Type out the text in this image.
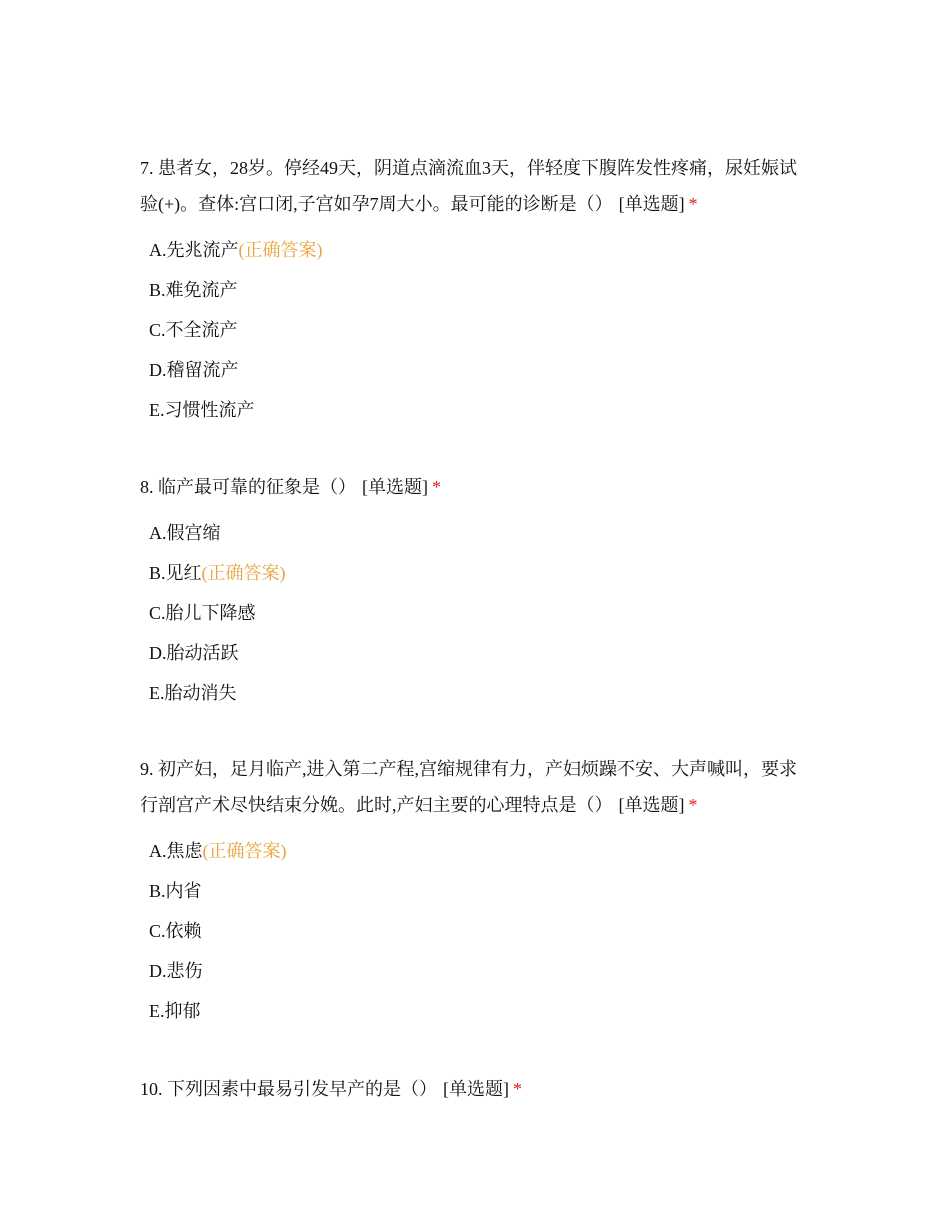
7. 患者女，28岁。停经49天，阴道点滴流血3天，伴轻度下腹阵发性疼痛，尿妊娠试验(+)。查体:宫口闭,子宫如孕7周大小。最可能的诊断是（） [单选题] *

A.先兆流产(正确答案)
B.难免流产
C.不全流产
D.稽留流产
E.习惯性流产

8. 临产最可靠的征象是（） [单选题] *

A.假宫缩
B.见红(正确答案)
C.胎儿下降感
D.胎动活跃
E.胎动消失

9. 初产妇，足月临产,进入第二产程,宫缩规律有力，产妇烦躁不安、大声喊叫，要求行剖宫产术尽快结束分娩。此时,产妇主要的心理特点是（） [单选题] *

A.焦虑(正确答案)
B.内省
C.依赖
D.悲伤
E.抑郁

10. 下列因素中最易引发早产的是（） [单选题] *
